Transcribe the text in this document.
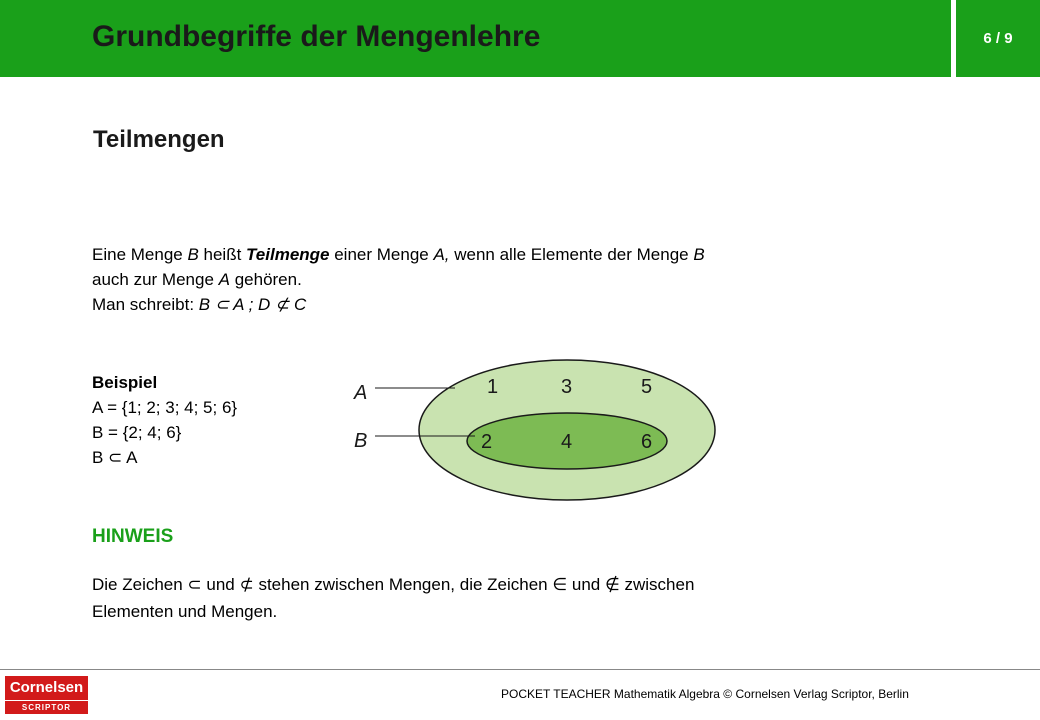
Grundbegriffe der Mengenlehre	6 / 9
Teilmengen
Eine Menge B heißt Teilmenge einer Menge A, wenn alle Elemente der Menge B
auch zur Menge A gehören.
Man schreibt: B ⊂ A ; D ⊄ C
Beispiel
A = {1; 2; 3; 4; 5; 6}
B = {2; 4; 6}
B ⊂ A
A
B
1	3	5
2	4	6
HINWEIS
Die Zeichen ⊂ und ⊄ stehen zwischen Mengen, die Zeichen ∈ und ∉ zwischen
Elementen und Mengen.
Cornelsen
SCRIPTOR
POCKET TEACHER Mathematik Algebra © Cornelsen Verlag Scriptor, Berlin
